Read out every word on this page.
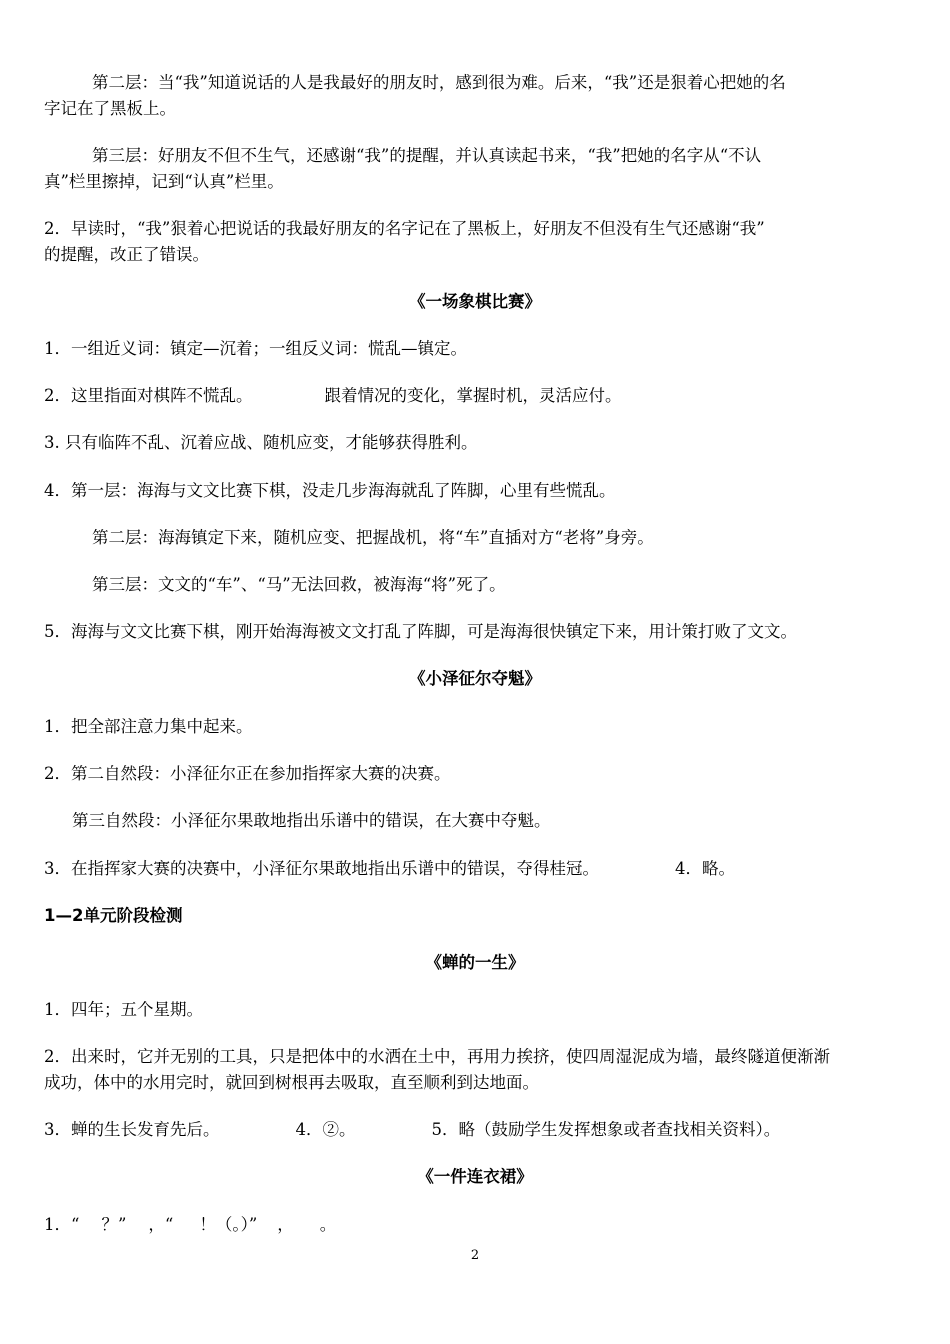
第二层：当“我”知道说话的人是我最好的朋友时，感到很为难。后来，“我”还是狠着心把她的名
字记在了黑板上。
第三层：好朋友不但不生气，还感谢“我”的提醒，并认真读起书来，“我”把她的名字从“不认
真”栏里擦掉，记到“认真”栏里。
2．早读时，“我”狠着心把说话的我最好朋友的名字记在了黑板上，好朋友不但没有生气还感谢“我”
的提醒，改正了错误。
《一场象棋比赛》
1．一组近义词：镇定—沉着；一组反义词：慌乱—镇定。
2．这里指面对棋阵不慌乱。	跟着情况的变化，掌握时机，灵活应付。
3. 只有临阵不乱、沉着应战、随机应变，才能够获得胜利。
4．第一层：海海与文文比赛下棋，没走几步海海就乱了阵脚，心里有些慌乱。
第二层：海海镇定下来，随机应变、把握战机，将“车”直插对方“老将”身旁。
第三层：文文的“车”、“马”无法回救，被海海“将”死了。
5．海海与文文比赛下棋，刚开始海海被文文打乱了阵脚，可是海海很快镇定下来，用计策打败了文文。
《小泽征尔夺魁》
1．把全部注意力集中起来。
2．第二自然段：小泽征尔正在参加指挥家大赛的决赛。
第三自然段：小泽征尔果敢地指出乐谱中的错误，在大赛中夺魁。
3．在指挥家大赛的决赛中，小泽征尔果敢地指出乐谱中的错误，夺得桂冠。	4．略。
1—2单元阶段检测
《蝉的一生》
1．四年；五个星期。
2．出来时，它并无别的工具，只是把体中的水洒在土中，再用力挨挤，使四周湿泥成为墙，最终隧道便渐渐
成功，体中的水用完时，就回到树根再去吸取，直至顺利到达地面。
3．蝉的生长发育先后。	4．②。	5．略（鼓励学生发挥想象或者查找相关资料）。
《一件连衣裙》
1．“ ？” ，“ ！（。）” ， 。
2
